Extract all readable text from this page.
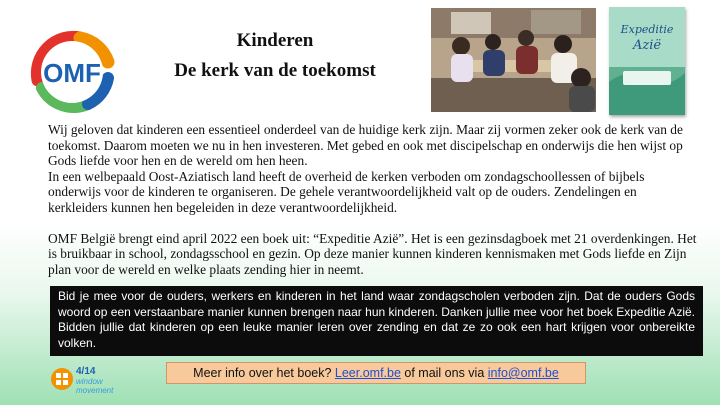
OMF
Kinderen
De kerk van de toekomst
Expeditie
Azië

Wij geloven dat kinderen een essentieel onderdeel van de huidige kerk zijn. Maar zij vormen zeker ook de kerk van de toekomst. Daarom moeten we nu in hen investeren. Met gebed en ook met discipelschap en onderwijs die hen wijst op Gods liefde voor hen en de wereld om hen heen.

In een welbepaald Oost-Aziatisch land heeft de overheid de kerken verboden om zondagschoollessen of bijbels onderwijs voor de kinderen te organiseren. De gehele verantwoordelijkheid valt op de ouders. Zendelingen en kerkleiders kunnen hen begeleiden in deze verantwoordelijkheid.

OMF België brengt eind april 2022 een boek uit: “Expeditie Azië”. Het is een gezinsdagboek met 21 overdenkingen. Het is bruikbaar in school, zondagsschool en gezin. Op deze manier kunnen kinderen kennismaken met Gods liefde en Zijn plan voor de wereld en welke plaats zending hier in neemt.

Bid je mee voor de ouders, werkers en kinderen in het land waar zondagscholen verboden zijn. Dat de ouders Gods woord op een verstaanbare manier kunnen brengen naar hun kinderen. Danken jullie mee voor het boek Expeditie Azië. Bidden jullie dat kinderen op een leuke manier leren over zending en dat ze zo ook een hart krijgen voor onbereikte volken.
4/14
window
movement
Meer info over het boek? Leer.omf.be of mail ons via info@omf.be
